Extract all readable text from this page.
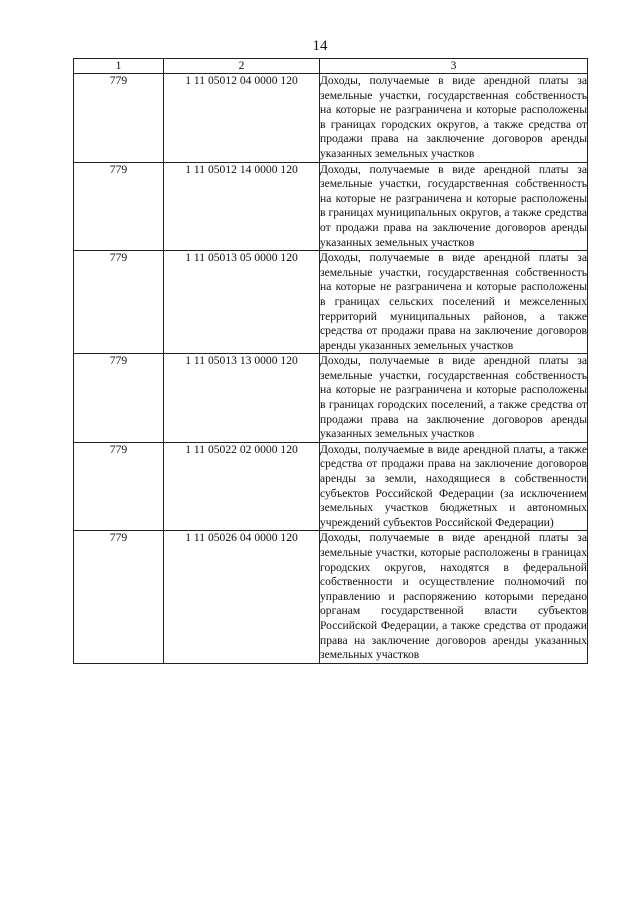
14
1	2	3
779	1 11 05012 04 0000 120	Доходы, получаемые в виде арендной платы за земельные участки, государственная собственность на которые не разграничена и которые расположены в границах городских округов, а также средства от продажи права на заключение договоров аренды указанных земельных участков
779	1 11 05012 14 0000 120	Доходы, получаемые в виде арендной платы за земельные участки, государственная собственность на которые не разграничена и которые расположены в границах муниципальных округов, а также средства от продажи права на заключение договоров аренды указанных земельных участков
779	1 11 05013 05 0000 120	Доходы, получаемые в виде арендной платы за земельные участки, государственная собственность на которые не разграничена и которые расположены в границах сельских поселений и межселенных территорий муниципальных районов, а также средства от продажи права на заключение договоров аренды указанных земельных участков
779	1 11 05013 13 0000 120	Доходы, получаемые в виде арендной платы за земельные участки, государственная собственность на которые не разграничена и которые расположены в границах городских поселений, а также средства от продажи права на заключение договоров аренды указанных земельных участков
779	1 11 05022 02 0000 120	Доходы, получаемые в виде арендной платы, а также средства от продажи права на заключение договоров аренды за земли, находящиеся в собственности субъектов Российской Федерации (за исключением земельных участков бюджетных и автономных учреждений субъектов Российской Федерации)
779	1 11 05026 04 0000 120	Доходы, получаемые в виде арендной платы за земельные участки, которые расположены в границах городских округов, находятся в федеральной собственности и осуществление полномочий по управлению и распоряжению которыми передано органам государственной власти субъектов Российской Федерации, а также средства от продажи права на заключение договоров аренды указанных земельных участков
